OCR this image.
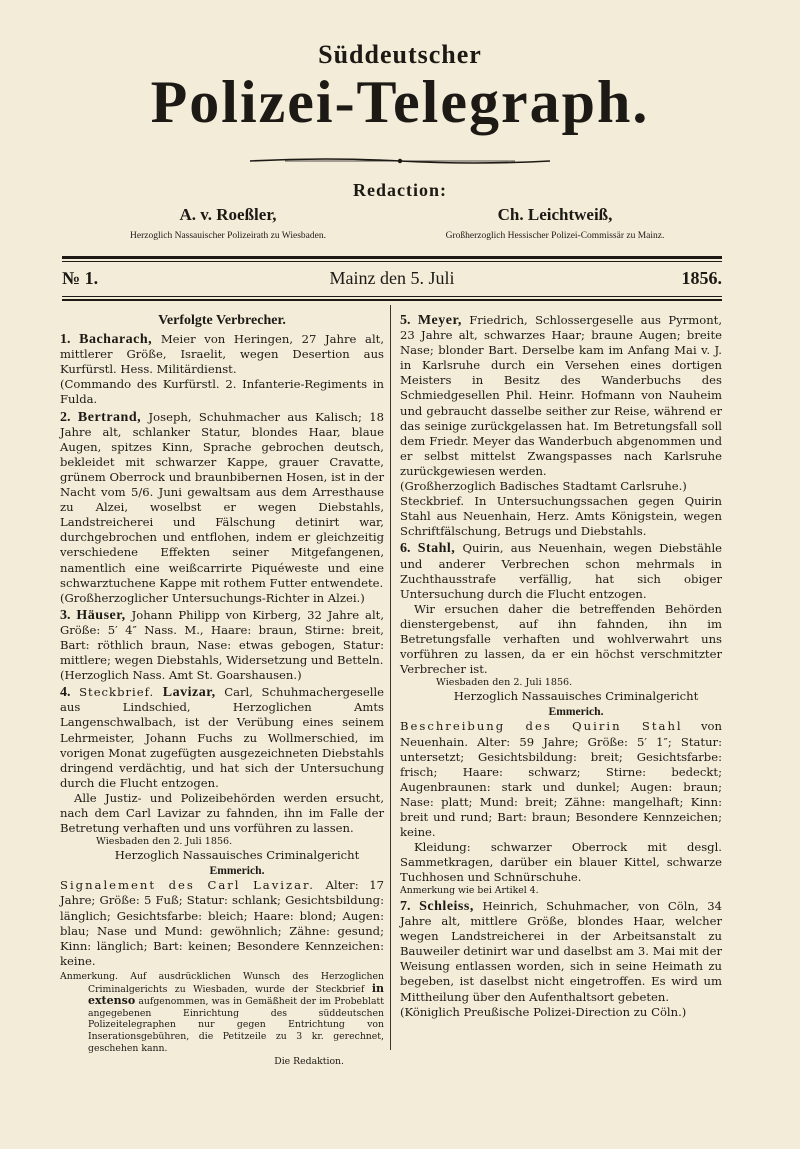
Süddeutscher
Polizei-Telegraph.
Redaction:
A. v. Roeßler,
Herzoglich Nassauischer Polizeirath zu Wiesbaden.
Ch. Leichtweiß,
Großherzoglich Hessischer Polizei-Commissär zu Mainz.
№ 1.	Mainz den 5. Juli	1856.
Verfolgte Verbrecher.

1. Bacharach, Meier von Heringen, 27 Jahre alt, mittlerer Größe, Israelit, wegen Desertion aus Kurfürstl. Hess. Militärdienst.

(Commando des Kurfürstl. 2. Infanterie-Regiments in Fulda.

2. Bertrand, Joseph, Schuhmacher aus Kalisch; 18 Jahre alt, schlanker Statur, blondes Haar, blaue Augen, spitzes Kinn, Sprache gebrochen deutsch, bekleidet mit schwarzer Kappe, grauer Cravatte, grünem Oberrock und braunbibernen Hosen, ist in der Nacht vom 5/6. Juni gewaltsam aus dem Arresthause zu Alzei, woselbst er wegen Diebstahls, Landstreicherei und Fälschung detinirt war, durchgebrochen und entflohen, indem er gleichzeitig verschiedene Effekten seiner Mitgefangenen, namentlich eine weißcarrirte Piquéweste und eine schwarztuchene Kappe mit rothem Futter entwendete.

(Großherzoglicher Untersuchungs-Richter in Alzei.)

3. Häuser, Johann Philipp von Kirberg, 32 Jahre alt, Größe: 5′ 4″ Nass. M., Haare: braun, Stirne: breit, Bart: röthlich braun, Nase: etwas gebogen, Statur: mittlere; wegen Diebstahls, Widersetzung und Betteln.

(Herzoglich Nass. Amt St. Goarshausen.)

4. Steckbrief. Lavizar, Carl, Schuhmachergeselle aus Lindschied, Herzoglichen Amts Langenschwalbach, ist der Verübung eines seinem Lehrmeister, Johann Fuchs zu Wollmerschied, im vorigen Monat zugefügten ausgezeichneten Diebstahls dringend verdächtig, und hat sich der Untersuchung durch die Flucht entzogen.

Alle Justiz- und Polizeibehörden werden ersucht, nach dem Carl Lavizar zu fahnden, ihn im Falle der Betretung verhaften und uns vorführen zu lassen.

Wiesbaden den 2. Juli 1856.

Herzoglich Nassauisches Criminalgericht

Emmerich.

Signalement des Carl Lavizar. Alter: 17 Jahre; Größe: 5 Fuß; Statur: schlank; Gesichtsbildung: länglich; Gesichtsfarbe: bleich; Haare: blond; Augen: blau; Nase und Mund: gewöhnlich; Zähne: gesund; Kinn: länglich; Bart: keinen; Besondere Kennzeichen: keine.

Anmerkung. Auf ausdrücklichen Wunsch des Herzoglichen Criminalgerichts zu Wiesbaden, wurde der Steckbrief in extenso aufgenommen, was in Gemäßheit der im Probeblatt angegebenen Einrichtung des süddeutschen Polizeitelegraphen nur gegen Entrichtung von Inserationsgebühren, die Petitzeile zu 3 kr. gerechnet, geschehen kann.
Die Redaktion.

5. Meyer, Friedrich, Schlossergeselle aus Pyrmont, 23 Jahre alt, schwarzes Haar; braune Augen; breite Nase; blonder Bart. Derselbe kam im Anfang Mai v. J. in Karlsruhe durch ein Versehen eines dortigen Meisters in Besitz des Wanderbuchs des Schmiedgesellen Phil. Heinr. Hofmann von Nauheim und gebraucht dasselbe seither zur Reise, während er das seinige zurückgelassen hat. Im Betretungsfall soll dem Friedr. Meyer das Wanderbuch abgenommen und er selbst mittelst Zwangspasses nach Karlsruhe zurückgewiesen werden.

(Großherzoglich Badisches Stadtamt Carlsruhe.)

Steckbrief. In Untersuchungssachen gegen Quirin Stahl aus Neuenhain, Herz. Amts Königstein, wegen Schriftfälschung, Betrugs und Diebstahls.

6. Stahl, Quirin, aus Neuenhain, wegen Diebstähle und anderer Verbrechen schon mehrmals in Zuchthausstrafe verfällig, hat sich obiger Untersuchung durch die Flucht entzogen.

Wir ersuchen daher die betreffenden Behörden dienstergebenst, auf ihn fahnden, ihn im Betretungsfalle verhaften und wohlverwahrt uns vorführen zu lassen, da er ein höchst verschmitzter Verbrecher ist.

Wiesbaden den 2. Juli 1856.

Herzoglich Nassauisches Criminalgericht

Emmerich.

Beschreibung des Quirin Stahl von Neuenhain. Alter: 59 Jahre; Größe: 5′ 1″; Statur: untersetzt; Gesichtsbildung: breit; Gesichtsfarbe: frisch; Haare: schwarz; Stirne: bedeckt; Augenbraunen: stark und dunkel; Augen: braun; Nase: platt; Mund: breit; Zähne: mangelhaft; Kinn: breit und rund; Bart: braun; Besondere Kennzeichen; keine.

Kleidung: schwarzer Oberrock mit desgl. Sammetkragen, darüber ein blauer Kittel, schwarze Tuchhosen und Schnürschuhe.

Anmerkung wie bei Artikel 4.

7. Schleiss, Heinrich, Schuhmacher, von Cöln, 34 Jahre alt, mittlere Größe, blondes Haar, welcher wegen Landstreicherei in der Arbeitsanstalt zu Bauweiler detinirt war und daselbst am 3. Mai mit der Weisung entlassen worden, sich in seine Heimath zu begeben, ist daselbst nicht eingetroffen. Es wird um Mittheilung über den Aufenthaltsort gebeten.

(Königlich Preußische Polizei-Direction zu Cöln.)
